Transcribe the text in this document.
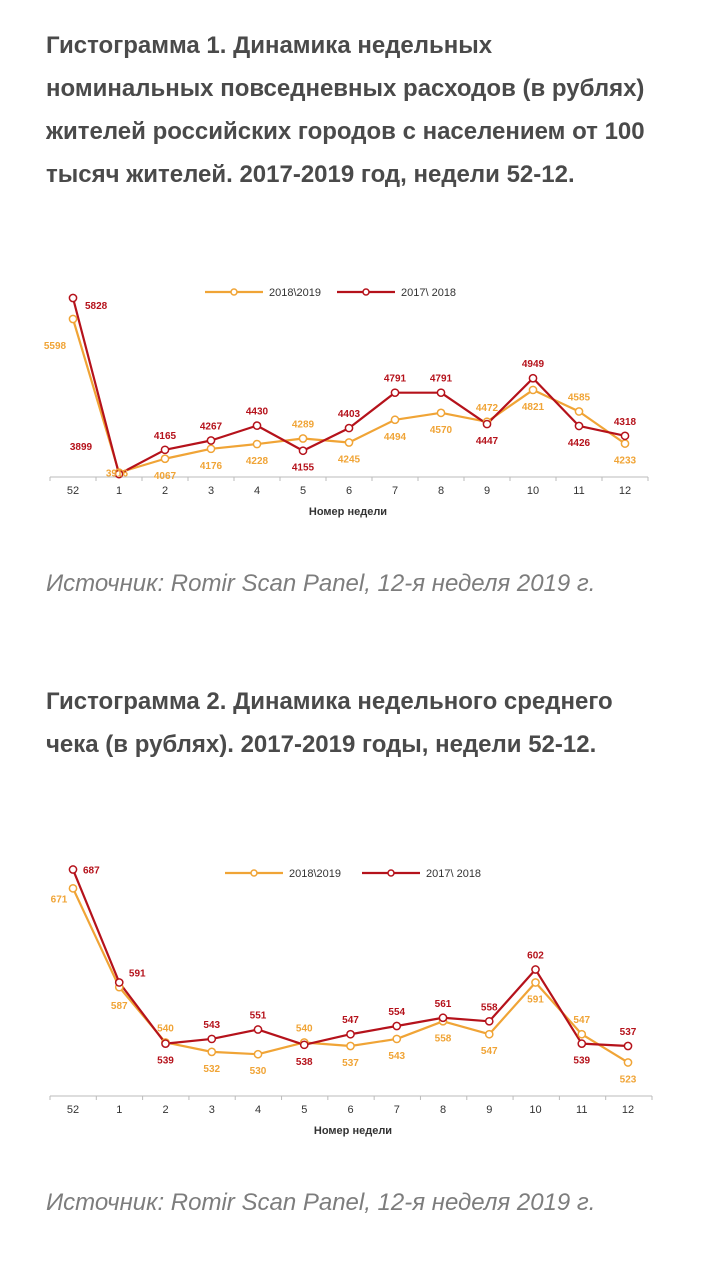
Гистограмма 1. Динамика недельных номинальных повседневных расходов (в рублях) жителей российских городов с населением от 100 тысяч жителей. 2017-2019 год, недели 52-12.
52	1	2	3	4	5	6	7	8	9	10	11	12
Номер недели
2018\2019	2017\ 2018
5598
3916	4067
4176 4228
4289
4245
4494
4570
4472 4821
4585
4233
5828
3899
4165
4267
4430
4155
4403
4791 4791
4447
4949
4426
4318

Источник: Romir Scan Panel, 12-я неделя 2019 г.

Гистограмма 2. Динамика недельного среднего чека (в рублях). 2017-2019 годы, недели 52-12.
52	1	2	3	4	5	6	7	8	9	10	11	12
Номер недели
2018\2019	2017\ 2018
671
587
540
532	530
540
537
543
558
547
591
547
523
687
591
539
543
551
538
547
554
561	558
602
539
537

Источник: Romir Scan Panel, 12-я неделя 2019 г.
